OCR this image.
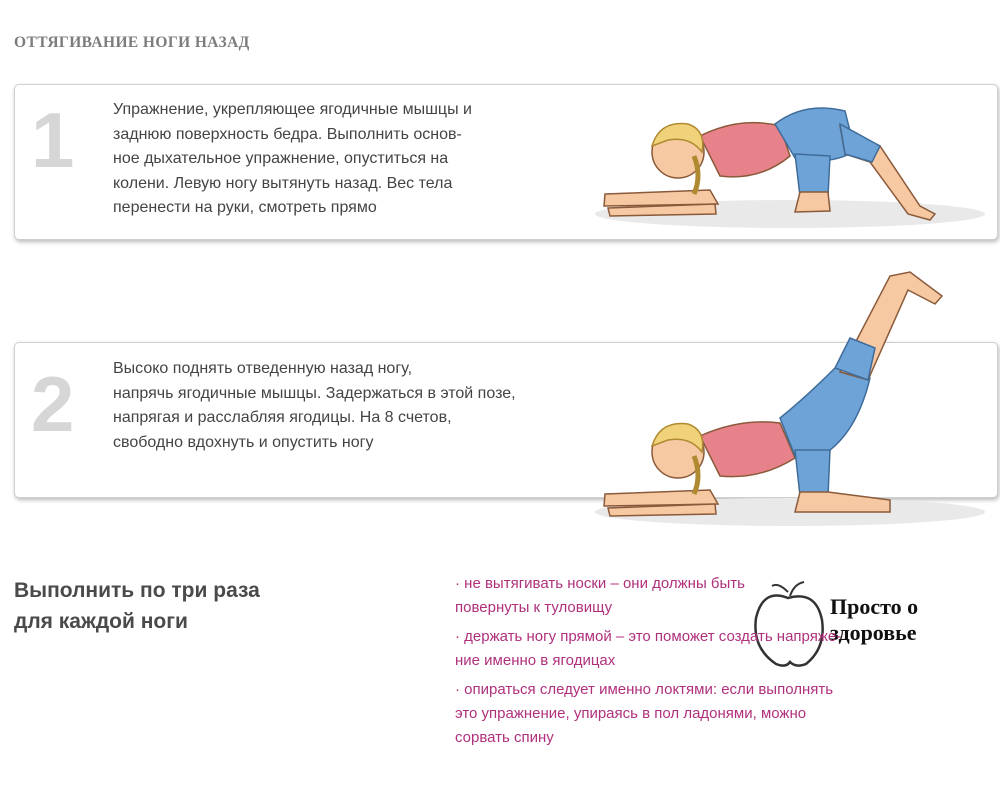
ОТТЯГИВАНИЕ НОГИ НАЗАД
1 Упражнение, укрепляющее ягодичные мышцы и
заднюю поверхность бедра. Выполнить основ-
ное дыхательное упражнение, опуститься на
колени. Левую ногу вытянуть назад. Вес тела
перенести на руки, смотреть прямо
2 Высоко поднять отведенную назад ногу,
напрячь ягодичные мышцы. Задержаться в этой позе,
напрягая и расслабляя ягодицы. На 8 счетов,
свободно вдохнуть и опустить ногу
Выполнить по три раза
для каждой ноги
Просто о
здоровье
· не вытягивать носки – они должны быть
повернуты к туловищу
· держать ногу прямой – это поможет создать напряже-
ние именно в ягодицах
· опираться следует именно локтями: если выполнять
это упражнение, упираясь в пол ладонями, можно
сорвать спину
